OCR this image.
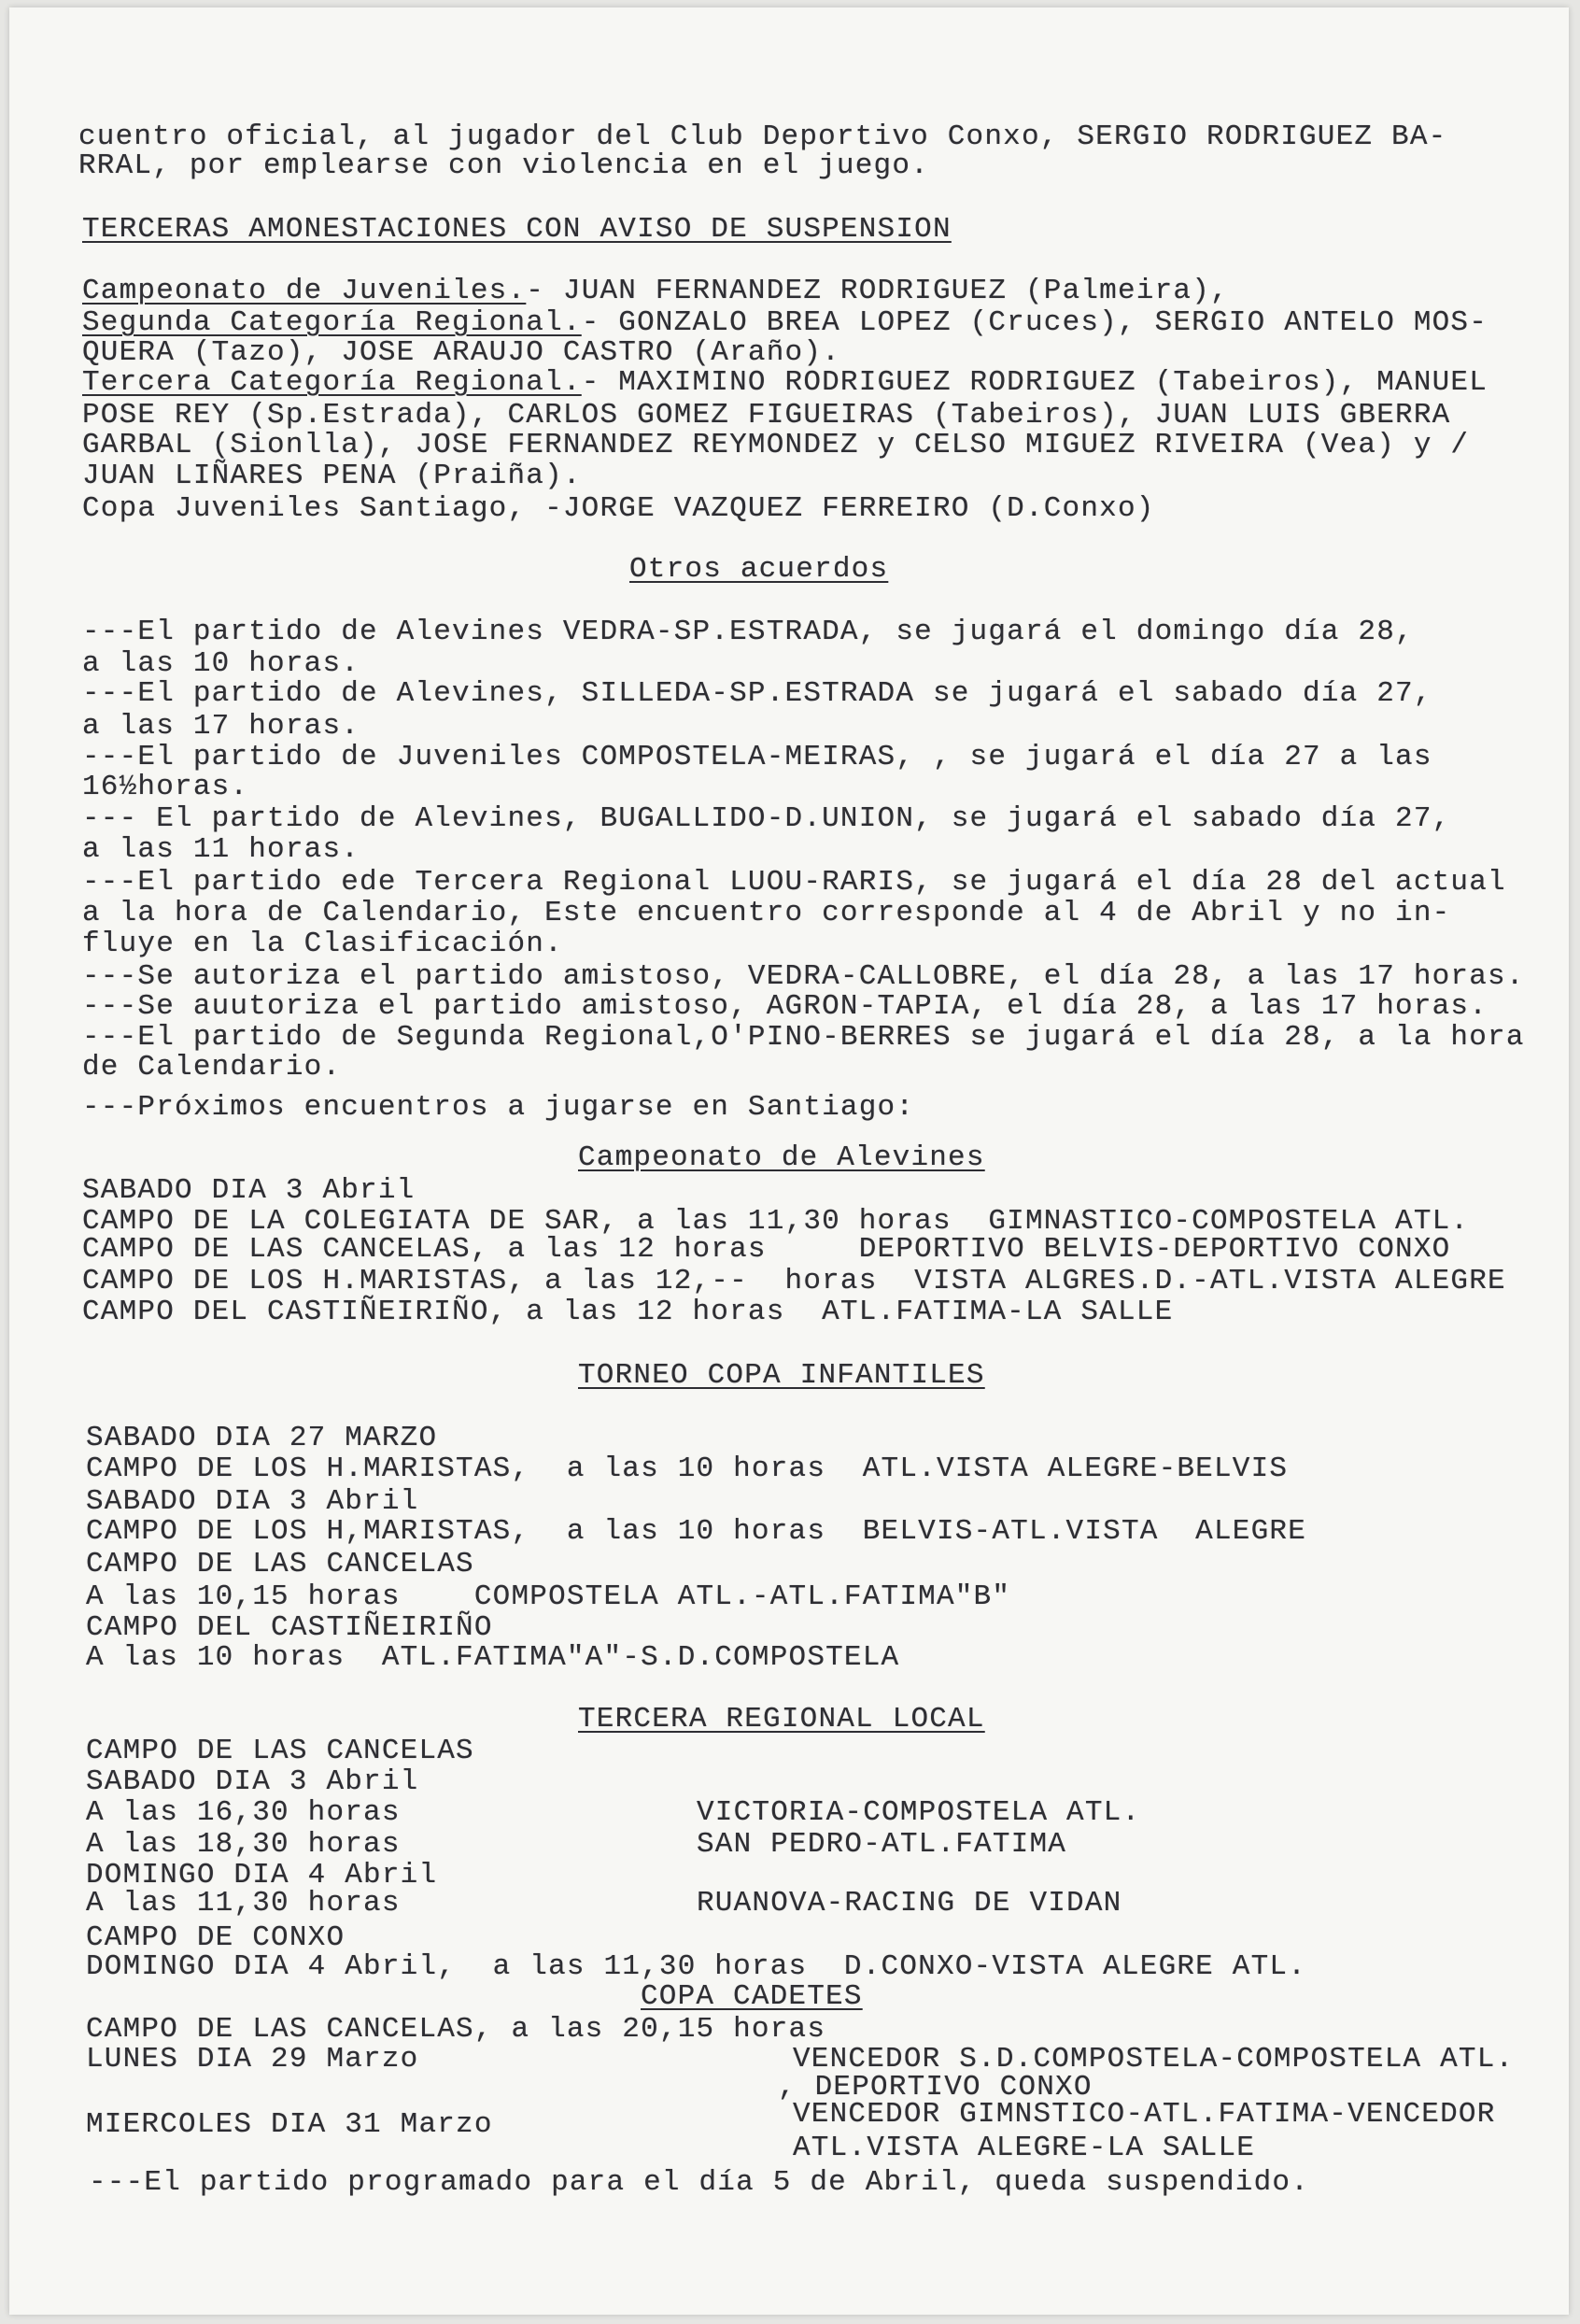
cuentro oficial, al jugador del Club Deportivo Conxo, SERGIO RODRIGUEZ BA-
RRAL, por emplearse con violencia en el juego.
TERCERAS AMONESTACIONES CON AVISO DE SUSPENSION
Campeonato de Juveniles.- JUAN FERNANDEZ RODRIGUEZ (Palmeira),
Segunda Categoría Regional.- GONZALO BREA LOPEZ (Cruces), SERGIO ANTELO MOS-
QUERA (Tazo), JOSE ARAUJO CASTRO (Araño).
Tercera Categoría Regional.- MAXIMINO RODRIGUEZ RODRIGUEZ (Tabeiros), MANUEL
POSE REY (Sp.Estrada), CARLOS GOMEZ FIGUEIRAS (Tabeiros), JUAN LUIS GBERRA
GARBAL (Sionlla), JOSE FERNANDEZ REYMONDEZ y CELSO MIGUEZ RIVEIRA (Vea) y /
JUAN LIÑARES PENA (Praiña).
Copa Juveniles Santiago, -JORGE VAZQUEZ FERREIRO (D.Conxo)
Otros acuerdos
---El partido de Alevines VEDRA-SP.ESTRADA, se jugará el domingo día 28,
a las 10 horas.
---El partido de Alevines, SILLEDA-SP.ESTRADA se jugará el sabado día 27,
a las 17 horas.
---El partido de Juveniles COMPOSTELA-MEIRAS, , se jugará el día 27 a las
16½horas.
--- El partido de Alevines, BUGALLIDO-D.UNION, se jugará el sabado día 27,
a las 11 horas.
---El partido ede Tercera Regional LUOU-RARIS, se jugará el día 28 del actual
a la hora de Calendario, Este encuentro corresponde al 4 de Abril y no in-
fluye en la Clasificación.
---Se autoriza el partido amistoso, VEDRA-CALLOBRE, el día 28, a las 17 horas.
---Se auutoriza el partido amistoso, AGRON-TAPIA, el día 28, a las 17 horas.
---El partido de Segunda Regional,O'PINO-BERRES se jugará el día 28, a la hora
de Calendario.
---Próximos encuentros a jugarse en Santiago:
Campeonato de Alevines
SABADO DIA 3 Abril
CAMPO DE LA COLEGIATA DE SAR, a las 11,30 horas  GIMNASTICO-COMPOSTELA ATL.
CAMPO DE LAS CANCELAS, a las 12 horas     DEPORTIVO BELVIS-DEPORTIVO CONXO
CAMPO DE LOS H.MARISTAS, a las 12,--  horas  VISTA ALGRES.D.-ATL.VISTA ALEGRE
CAMPO DEL CASTIÑEIRIÑO, a las 12 horas  ATL.FATIMA-LA SALLE
TORNEO COPA INFANTILES
SABADO DIA 27 MARZO
CAMPO DE LOS H.MARISTAS,  a las 10 horas  ATL.VISTA ALEGRE-BELVIS
SABADO DIA 3 Abril
CAMPO DE LOS H,MARISTAS,  a las 10 horas  BELVIS-ATL.VISTA  ALEGRE
CAMPO DE LAS CANCELAS
A las 10,15 horas    COMPOSTELA ATL.-ATL.FATIMA"B"
CAMPO DEL CASTIÑEIRIÑO
A las 10 horas  ATL.FATIMA"A"-S.D.COMPOSTELA
TERCERA REGIONAL LOCAL
CAMPO DE LAS CANCELAS
SABADO DIA 3 Abril
A las 16,30 horas	VICTORIA-COMPOSTELA ATL.
A las 18,30 horas	SAN PEDRO-ATL.FATIMA
DOMINGO DIA 4 Abril
A las 11,30 horas	RUANOVA-RACING DE VIDAN
CAMPO DE CONXO
DOMINGO DIA 4 Abril,  a las 11,30 horas  D.CONXO-VISTA ALEGRE ATL.
COPA CADETES
CAMPO DE LAS CANCELAS, a las 20,15 horas
LUNES DIA 29 Marzo	VENCEDOR S.D.COMPOSTELA-COMPOSTELA ATL.
, DEPORTIVO CONXO
MIERCOLES DIA 31 Marzo	VENCEDOR GIMNSTICO-ATL.FATIMA-VENCEDOR
ATL.VISTA ALEGRE-LA SALLE
---El partido programado para el día 5 de Abril, queda suspendido.
